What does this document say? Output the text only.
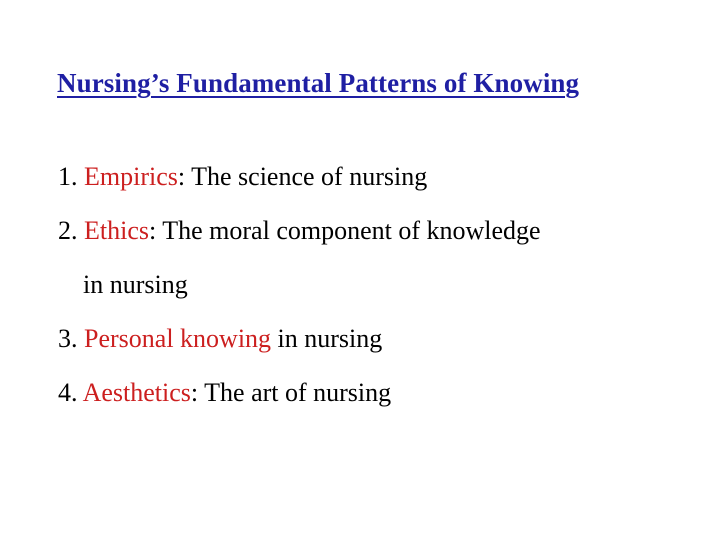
Nursing’s Fundamental Patterns of Knowing
1. Empirics: The science of nursing
2. Ethics: The moral component of knowledge
in nursing
3. Personal knowing in nursing
4. Aesthetics: The art of nursing
